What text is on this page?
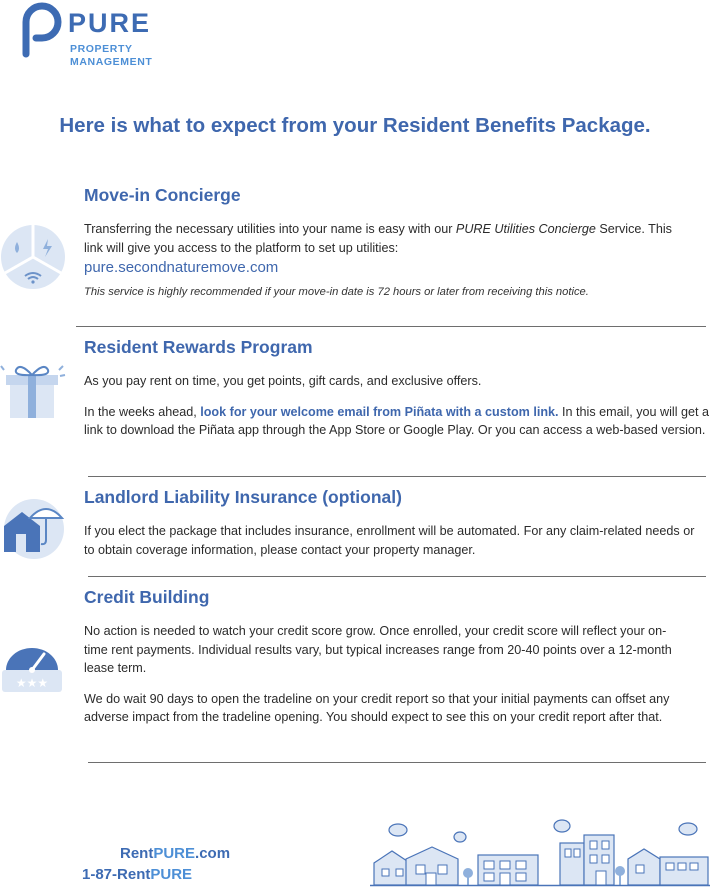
PURE
PROPERTY
MANAGEMENT
Here is what to expect from your Resident Benefits Package.
Move-in Concierge
Transferring the necessary utilities into your name is easy with our PURE Utilities Concierge Service. This link will give you access to the platform to set up utilities:
pure.secondnaturemove.com
This service is highly recommended if your move-in date is 72 hours or later from receiving this notice.
Resident Rewards Program
As you pay rent on time, you get points, gift cards, and exclusive offers.
In the weeks ahead, look for your welcome email from Piñata with a custom link. In this email, you will get a link to download the Piñata app through the App Store or Google Play. Or you can access a web-based version.
Landlord Liability Insurance (optional)
If you elect the package that includes insurance, enrollment will be automated. For any claim-related needs or to obtain coverage information, please contact your property manager.
★★★
Credit Building
No action is needed to watch your credit score grow. Once enrolled, your credit score will reflect your on-time rent payments. Individual results vary, but typical increases range from 20-40 points over a 12-month lease term.
We do wait 90 days to open the tradeline on your credit report so that your initial payments can offset any adverse impact from the tradeline opening. You should expect to see this on your credit report after that.
RentPURE.com
1-87-RentPURE
